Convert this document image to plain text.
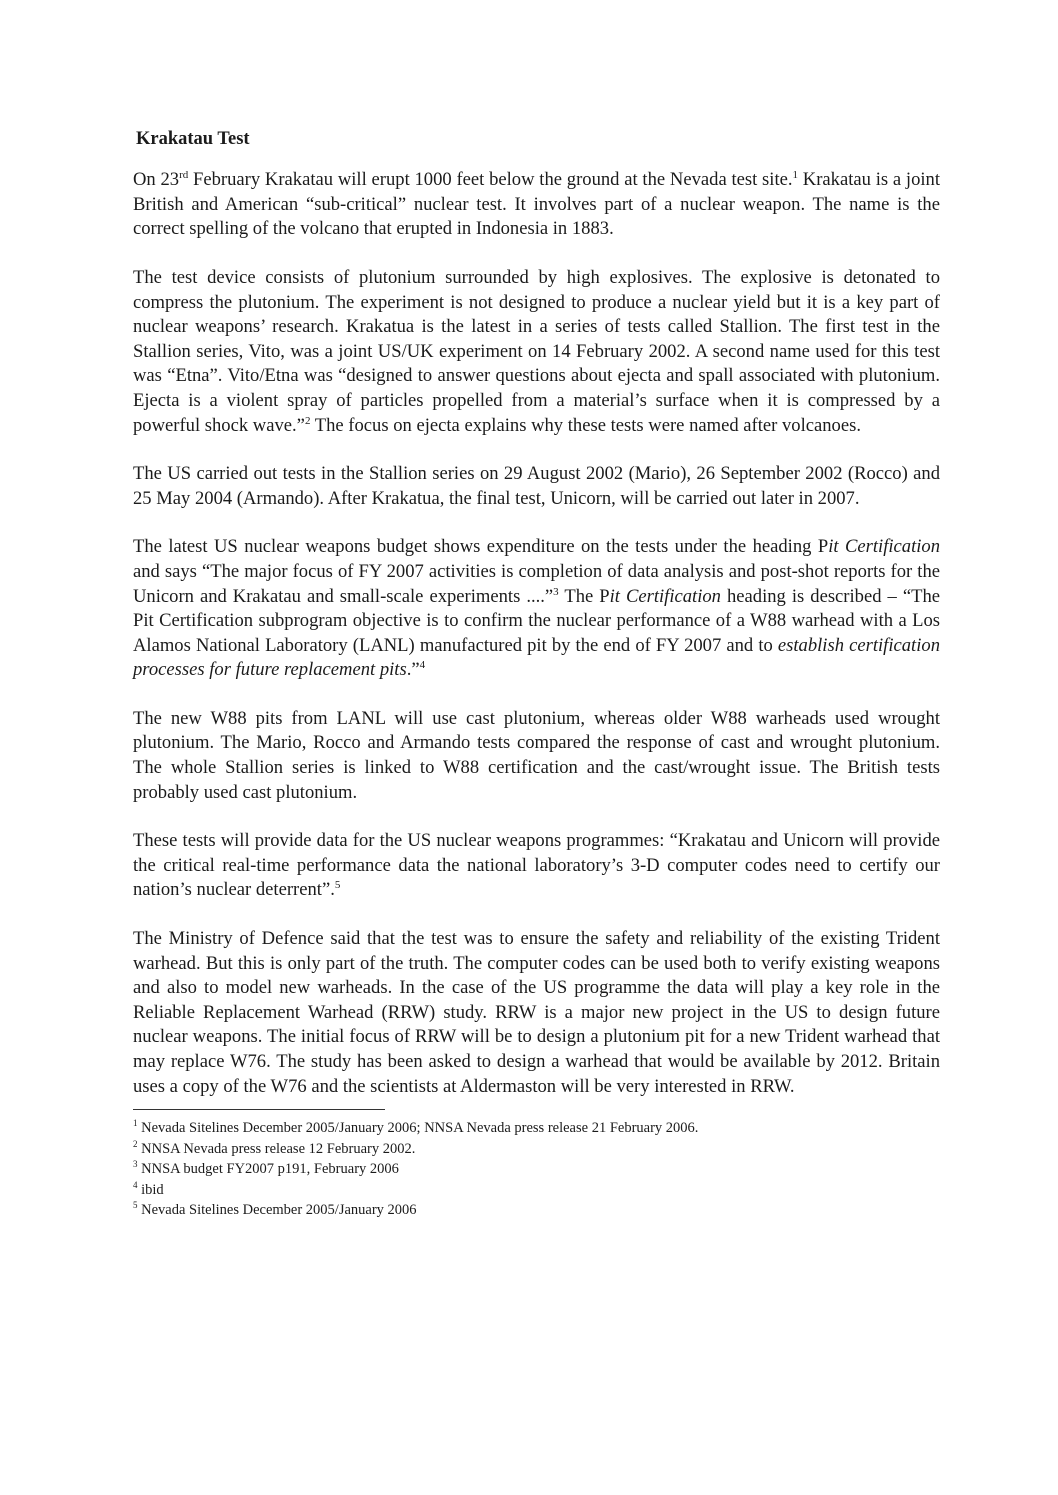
Krakatau Test

On 23rd February Krakatau will erupt 1000 feet below the ground at the Nevada test site.$^1$ Krakatau is a joint British and American “sub-critical” nuclear test. It involves part of a nuclear weapon. The name is the correct spelling of the volcano that erupted in Indonesia in 1883.

The test device consists of plutonium surrounded by high explosives. The explosive is detonated to compress the plutonium. The experiment is not designed to produce a nuclear yield but it is a key part of nuclear weapons’ research. Krakatua is the latest in a series of tests called Stallion. The first test in the Stallion series, Vito, was a joint US/UK experiment on 14 February 2002. A second name used for this test was “Etna”. Vito/Etna was “designed to answer questions about ejecta and spall associated with plutonium. Ejecta is a violent spray of particles propelled from a material’s surface when it is compressed by a powerful shock wave.”$^2$ The focus on ejecta explains why these tests were named after volcanoes.

The US carried out tests in the Stallion series on 29 August 2002 (Mario), 26 September 2002 (Rocco) and 25 May 2004 (Armando). After Krakatua, the final test, Unicorn, will be carried out later in 2007.

The latest US nuclear weapons budget shows expenditure on the tests under the heading Pit Certification and says “The major focus of FY 2007 activities is completion of data analysis and post-shot reports for the Unicorn and Krakatau and small-scale experiments ....”$^3$ The Pit Certification heading is described – “The Pit Certification subprogram objective is to confirm the nuclear performance of a W88 warhead with a Los Alamos National Laboratory (LANL) manufactured pit by the end of FY 2007 and to establish certification processes for future replacement pits.”$^4$

The new W88 pits from LANL will use cast plutonium, whereas older W88 warheads used wrought plutonium. The Mario, Rocco and Armando tests compared the response of cast and wrought plutonium. The whole Stallion series is linked to W88 certification and the cast/wrought issue. The British tests probably used cast plutonium.

These tests will provide data for the US nuclear weapons programmes: “Krakatau and Unicorn will provide the critical real-time performance data the national laboratory’s 3-D computer codes need to certify our nation’s nuclear deterrent”.$^5$

The Ministry of Defence said that the test was to ensure the safety and reliability of the existing Trident warhead. But this is only part of the truth. The computer codes can be used both to verify existing weapons and also to model new warheads. In the case of the US programme the data will play a key role in the Reliable Replacement Warhead (RRW) study. RRW is a major new project in the US to design future nuclear weapons. The initial focus of RRW will be to design a plutonium pit for a new Trident warhead that may replace W76. The study has been asked to design a warhead that would be available by 2012. Britain uses a copy of the W76 and the scientists at Aldermaston will be very interested in RRW.

$^1$ Nevada Sitelines December 2005/January 2006; NNSA Nevada press release 21 February 2006.

$^2$ NNSA Nevada press release 12 February 2002.

$^3$ NNSA budget FY2007 p191, February 2006

$^4$ ibid

$^5$ Nevada Sitelines December 2005/January 2006
